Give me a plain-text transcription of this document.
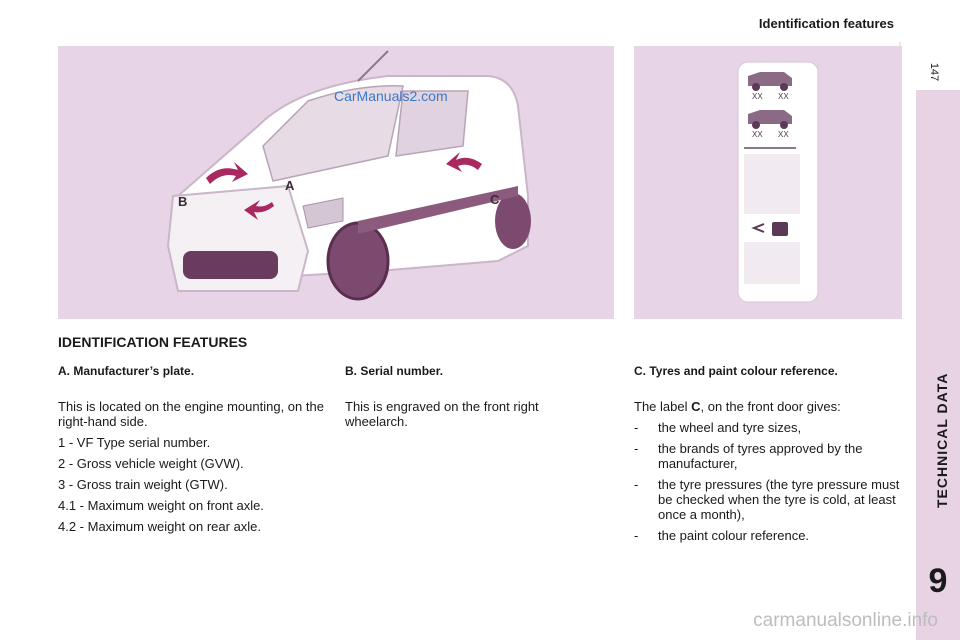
Identification features
147
TECHNICAL DATA
9
A
B	C
CarManuals2.com	XX XX
XX XX
IDENTIFICATION FEATURES
A. Manufacturer’s plate.

This is located on the engine mounting, on the right-hand side.

1 - VF Type serial number.

2 - Gross vehicle weight (GVW).

3 - Gross train weight (GTW).

4.1 - Maximum weight on front axle.

4.2 - Maximum weight on rear axle.

B. Serial number.

This is engraved on the front right wheelarch.

C. Tyres and paint colour reference.

The label C, on the front door gives:

- the wheel and tyre sizes,
- the brands of tyres approved by the manufacturer,
- the tyre pressures (the tyre pressure must be checked when the tyre is cold, at least once a month),
- the paint colour reference.
carmanualsonline.info
